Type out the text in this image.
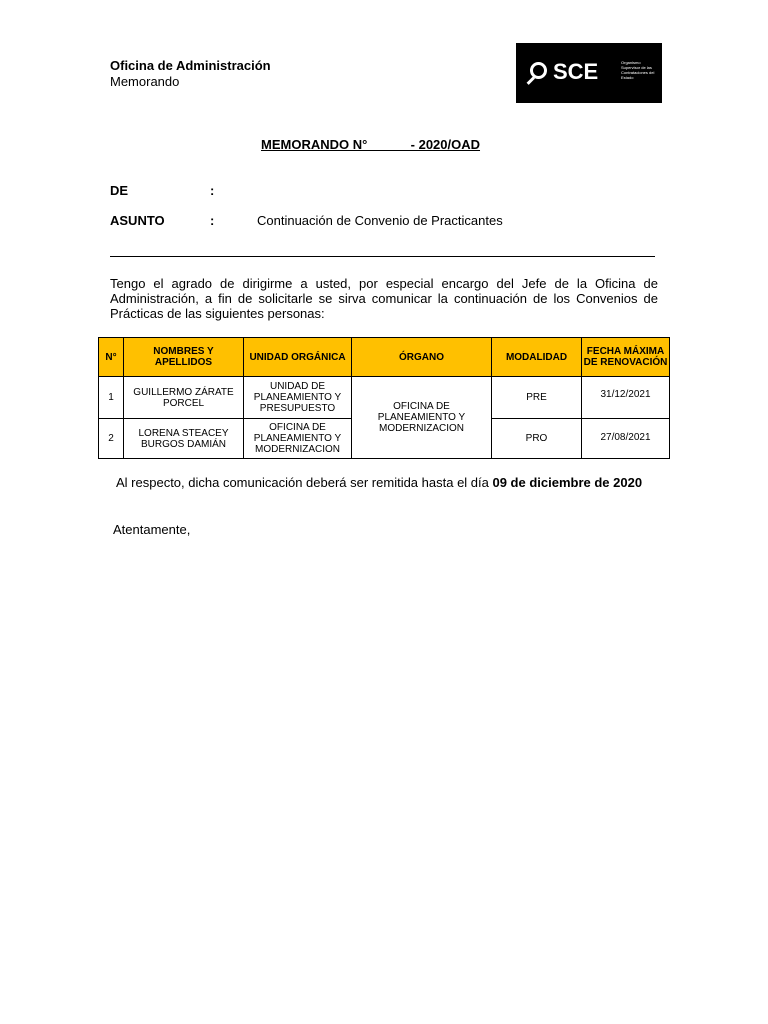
Oficina de Administración
Memorando	SCE	Organismo Supervisor de las Contrataciones del Estado
MEMORANDO N°            - 2020/OAD
DE	:
ASUNTO	:	Continuación de Convenio de Practicantes
Tengo el agrado de dirigirme a usted, por especial encargo del Jefe de la Oficina de Administración, a fin de solicitarle se sirva comunicar la continuación de los Convenios de Prácticas de las siguientes personas:
N°	NOMBRES Y APELLIDOS	UNIDAD ORGÁNICA	ÓRGANO	MODALIDAD	FECHA MÁXIMA DE RENOVACIÓN
1	GUILLERMO ZÁRATE PORCEL	UNIDAD DE PLANEAMIENTO Y PRESUPUESTO	OFICINA DE PLANEAMIENTO Y MODERNIZACION	PRE	31/12/2021
2	LORENA STEACEY BURGOS DAMIÁN	OFICINA DE PLANEAMIENTO Y MODERNIZACION		PRO	27/08/2021
Al respecto, dicha comunicación deberá ser remitida hasta el día 09 de diciembre de 2020
Atentamente,
